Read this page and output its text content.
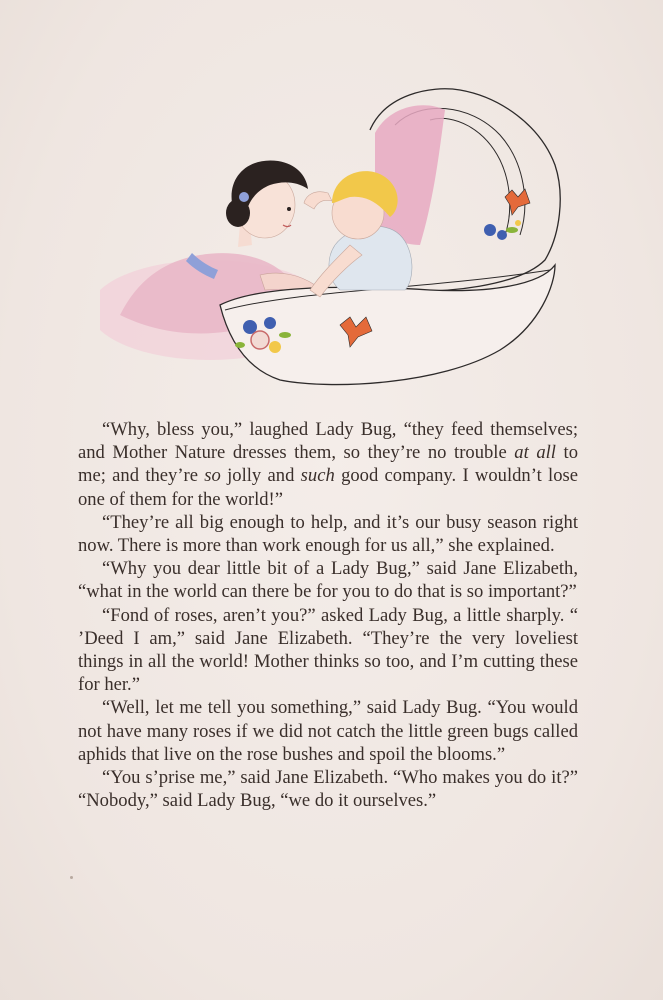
“Why, bless you,” laughed Lady Bug, “they feed themselves; and Mother Nature dresses them, so they’re no trouble at all to me; and they’re so jolly and such good company. I wouldn’t lose one of them for the world!”

“They’re all big enough to help, and it’s our busy season right now. There is more than work enough for us all,” she explained.

“Why you dear little bit of a Lady Bug,” said Jane Elizabeth, “what in the world can there be for you to do that is so important?”

“Fond of roses, aren’t you?” asked Lady Bug, a little sharply. “ ’Deed I am,” said Jane Elizabeth. “They’re the very loveliest things in all the world! Mother thinks so too, and I’m cutting these for her.”

“Well, let me tell you something,” said Lady Bug. “You would not have many roses if we did not catch the little green bugs called aphids that live on the rose bushes and spoil the blooms.”

“You s’prise me,” said Jane Elizabeth. “Who makes you do it?” “Nobody,” said Lady Bug, “we do it ourselves.”
